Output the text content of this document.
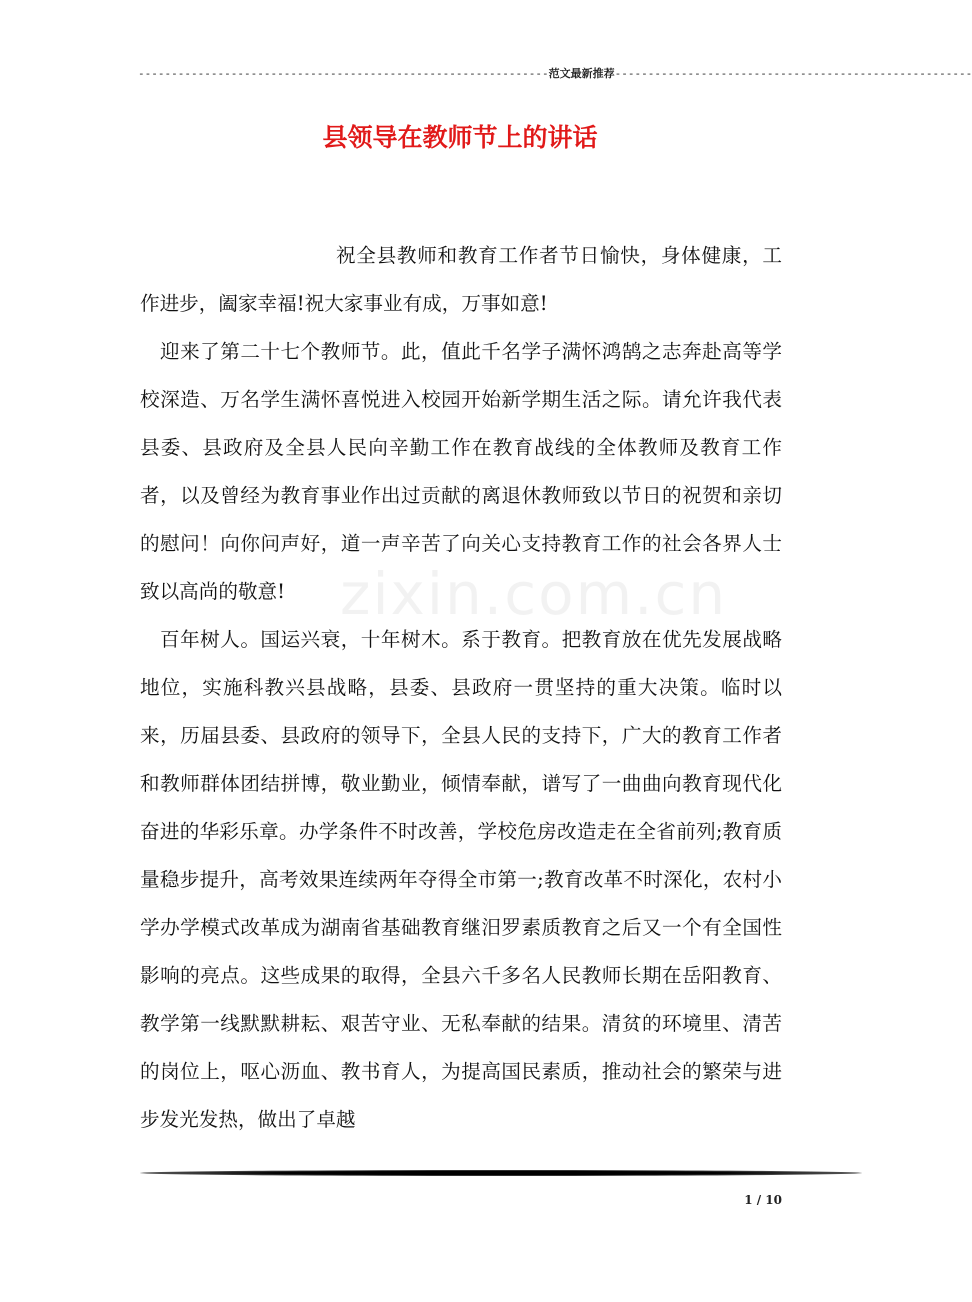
--------------------------------------------------------------范文最新推荐------------------------------------------------------
县领导在教师节上的讲话
zixin.com.cn

祝全县教师和教育工作者节日愉快，身体健康，工作进步，阖家幸福!祝大家事业有成，万事如意!

迎来了第二十七个教师节。此，值此千名学子满怀鸿鹄之志奔赴高等学校深造、万名学生满怀喜悦进入校园开始新学期生活之际。请允许我代表县委、县政府及全县人民向辛勤工作在教育战线的全体教师及教育工作者，以及曾经为教育事业作出过贡献的离退休教师致以节日的祝贺和亲切的慰问！向你问声好，道一声辛苦了向关心支持教育工作的社会各界人士致以高尚的敬意!

百年树人。国运兴衰，十年树木。系于教育。把教育放在优先发展战略地位，实施科教兴县战略，县委、县政府一贯坚持的重大决策。临时以来，历届县委、县政府的领导下，全县人民的支持下，广大的教育工作者和教师群体团结拼博，敬业勤业，倾情奉献，谱写了一曲曲向教育现代化奋进的华彩乐章。办学条件不时改善，学校危房改造走在全省前列;教育质量稳步提升，高考效果连续两年夺得全市第一;教育改革不时深化，农村小学办学模式改革成为湖南省基础教育继汨罗素质教育之后又一个有全国性影响的亮点。这些成果的取得，全县六千多名人民教师长期在岳阳教育、教学第一线默默耕耘、艰苦守业、无私奉献的结果。清贫的环境里、清苦的岗位上，呕心沥血、教书育人，为提高国民素质，推动社会的繁荣与进步发光发热，做出了卓越

1 / 10
